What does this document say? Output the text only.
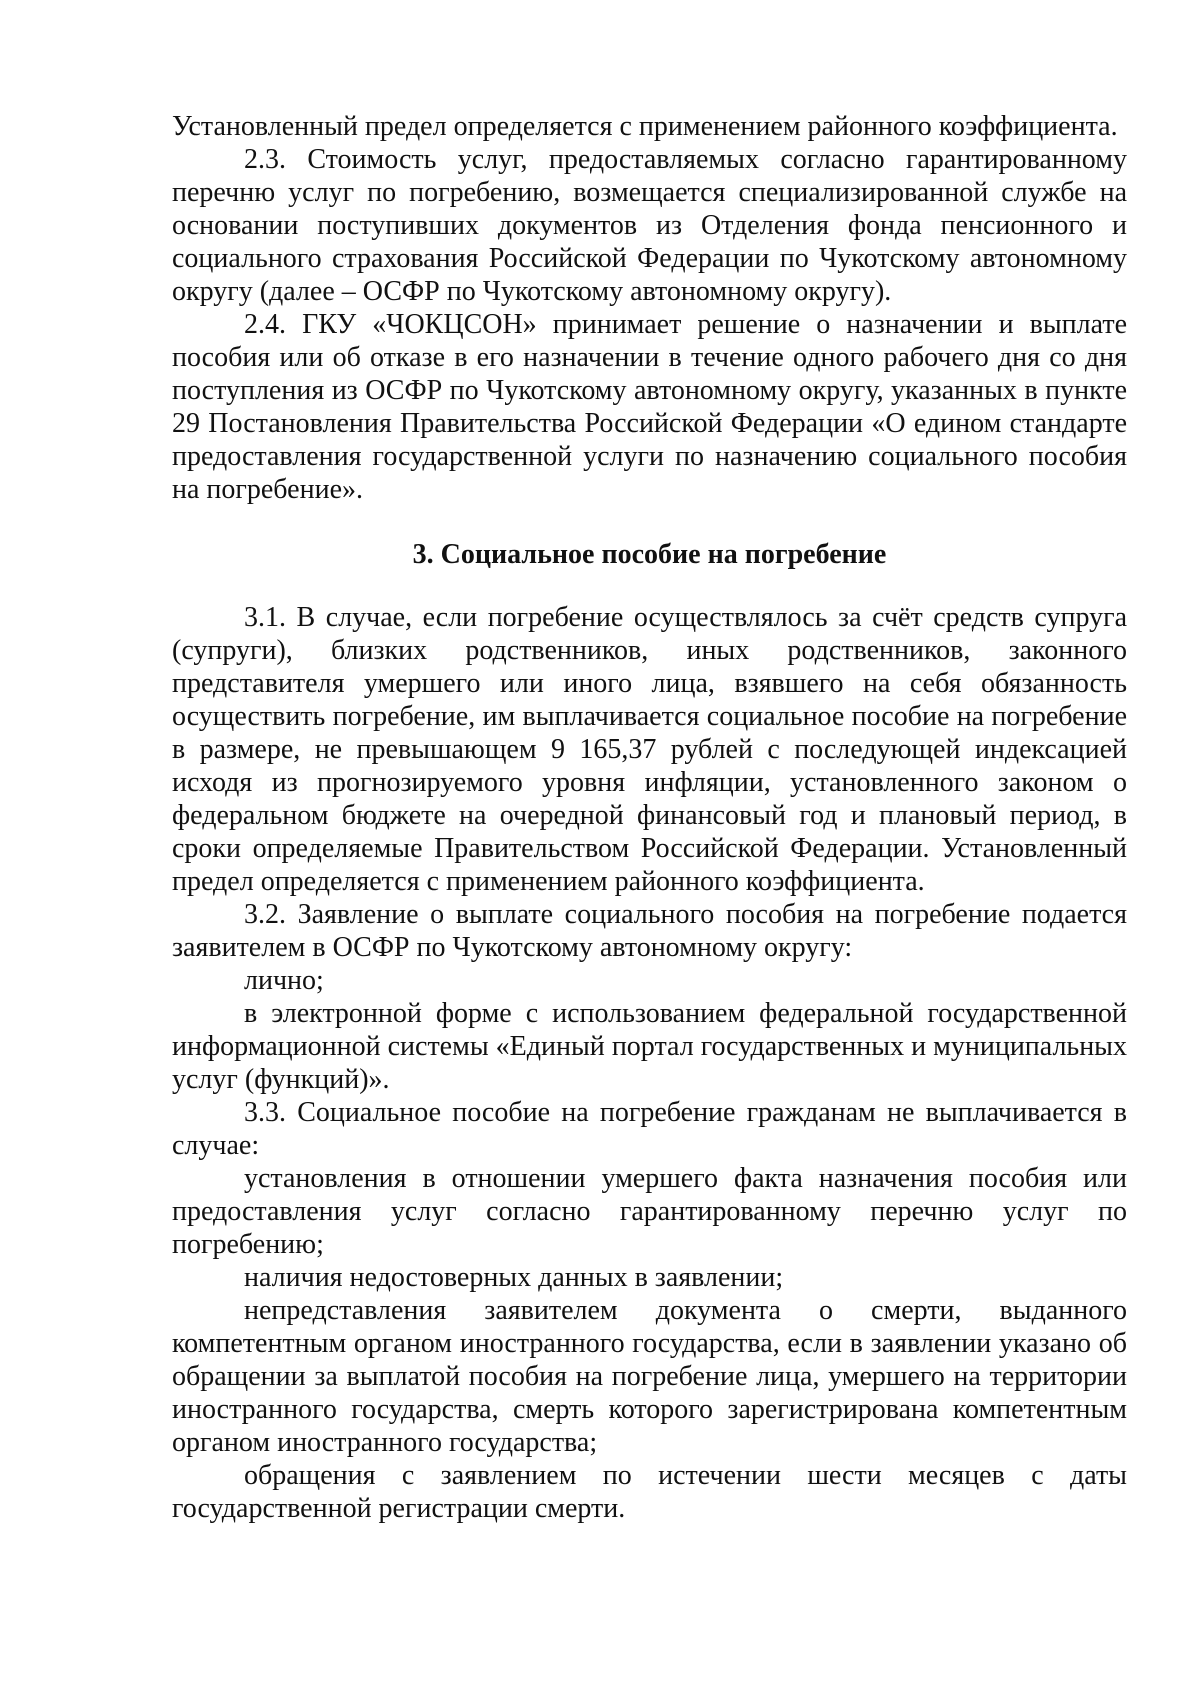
Установленный предел определяется с применением районного коэффициента.

2.3. Стоимость услуг, предоставляемых согласно гарантированному перечню услуг по погребению, возмещается специализированной службе на основании поступивших документов из Отделения фонда пенсионного и социального страхования Российской Федерации по Чукотскому автономному округу (далее – ОСФР по Чукотскому автономному округу).

2.4. ГКУ «ЧОКЦСОН» принимает решение о назначении и выплате пособия или об отказе в его назначении в течение одного рабочего дня со дня поступления из ОСФР по Чукотскому автономному округу, указанных в пункте 29 Постановления Правительства Российской Федерации «О едином стандарте предоставления государственной услуги по назначению социального пособия на погребение».

3. Социальное пособие на погребение

3.1. В случае, если погребение осуществлялось за счёт средств супруга (супруги), близких родственников, иных родственников, законного представителя умершего или иного лица, взявшего на себя обязанность осуществить погребение, им выплачивается социальное пособие на погребение в размере, не превышающем 9 165,37 рублей с последующей индексацией исходя из прогнозируемого уровня инфляции, установленного законом о федеральном бюджете на очередной финансовый год и плановый период, в сроки определяемые Правительством Российской Федерации. Установленный предел определяется с применением районного коэффициента.

3.2. Заявление о выплате социального пособия на погребение подается заявителем в ОСФР по Чукотскому автономному округу:

лично;

в электронной форме с использованием федеральной государственной информационной системы «Единый портал государственных и муниципальных услуг (функций)».

3.3. Социальное пособие на погребение гражданам не выплачивается в случае:

установления в отношении умершего факта назначения пособия или предоставления услуг согласно гарантированному перечню услуг по погребению;

наличия недостоверных данных в заявлении;

непредставления заявителем документа о смерти, выданного компетентным органом иностранного государства, если в заявлении указано об обращении за выплатой пособия на погребение лица, умершего на территории иностранного государства, смерть которого зарегистрирована компетентным органом иностранного государства;

обращения с заявлением по истечении шести месяцев с даты государственной регистрации смерти.
